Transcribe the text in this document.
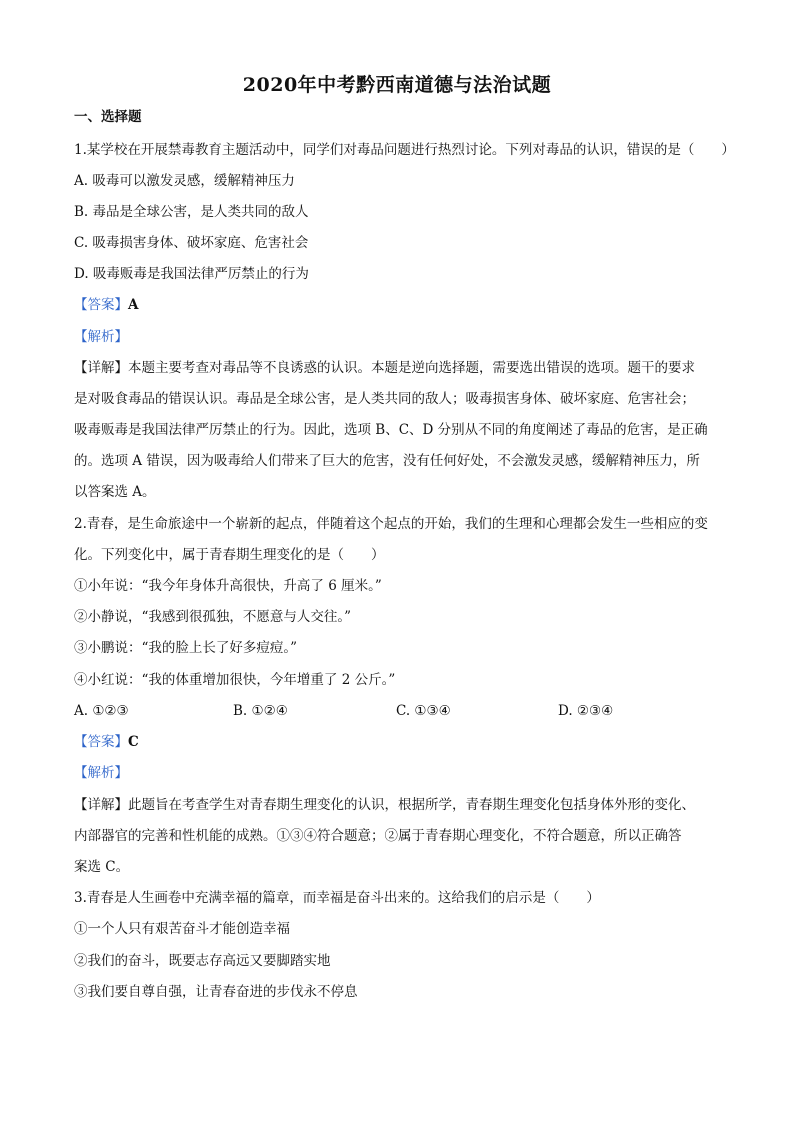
2020年中考黔西南道德与法治试题
一、选择题
1.某学校在开展禁毒教育主题活动中，同学们对毒品问题进行热烈讨论。下列对毒品的认识，错误的是（　　）
A. 吸毒可以激发灵感，缓解精神压力
B. 毒品是全球公害，是人类共同的敌人
C. 吸毒损害身体、破坏家庭、危害社会
D. 吸毒贩毒是我国法律严厉禁止的行为
【答案】A
【解析】
【详解】本题主要考查对毒品等不良诱惑的认识。本题是逆向选择题，需要选出错误的选项。题干的要求
是对吸食毒品的错误认识。毒品是全球公害，是人类共同的敌人；吸毒损害身体、破坏家庭、危害社会；
吸毒贩毒是我国法律严厉禁止的行为。因此，选项 B、C、D 分别从不同的角度阐述了毒品的危害，是正确
的。选项 A 错误，因为吸毒给人们带来了巨大的危害，没有任何好处，不会激发灵感，缓解精神压力，所
以答案选 A。
2.青春，是生命旅途中一个崭新的起点，伴随着这个起点的开始，我们的生理和心理都会发生一些相应的变
化。下列变化中，属于青春期生理变化的是（　　）
①小年说：“我今年身体升高很快，升高了 6 厘米。”
②小静说，“我感到很孤独，不愿意与人交往。”
③小鹏说：“我的脸上长了好多痘痘。”
④小红说：“我的体重增加很快，今年增重了 2 公斤。”
A. ①②③	B. ①②④	C. ①③④	D. ②③④
【答案】C
【解析】
【详解】此题旨在考查学生对青春期生理变化的认识，根据所学，青春期生理变化包括身体外形的变化、
内部器官的完善和性机能的成熟。①③④符合题意；②属于青春期心理变化，不符合题意，所以正确答
案选 C。
3.青春是人生画卷中充满幸福的篇章，而幸福是奋斗出来的。这给我们的启示是（　　）
①一个人只有艰苦奋斗才能创造幸福
②我们的奋斗，既要志存高远又要脚踏实地
③我们要自尊自强，让青春奋进的步伐永不停息
